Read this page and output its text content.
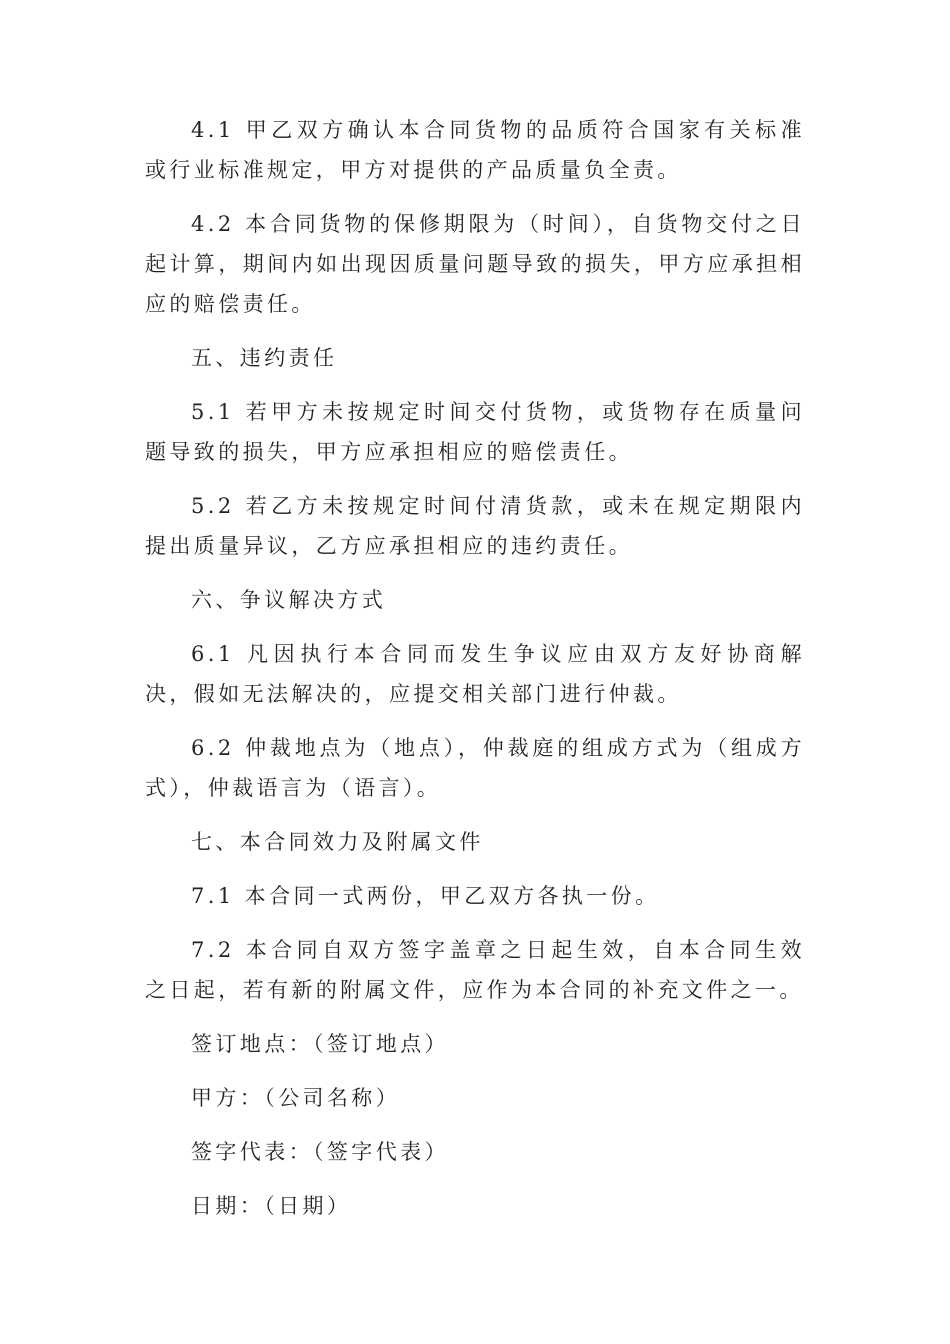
4.1 甲乙双方确认本合同货物的品质符合国家有关标准或行业标准规定，甲方对提供的产品质量负全责。

4.2 本合同货物的保修期限为（时间），自货物交付之日起计算，期间内如出现因质量问题导致的损失，甲方应承担相应的赔偿责任。

五、违约责任

5.1 若甲方未按规定时间交付货物，或货物存在质量问题导致的损失，甲方应承担相应的赔偿责任。

5.2 若乙方未按规定时间付清货款，或未在规定期限内提出质量异议，乙方应承担相应的违约责任。

六、争议解决方式

6.1 凡因执行本合同而发生争议应由双方友好协商解决，假如无法解决的，应提交相关部门进行仲裁。

6.2 仲裁地点为（地点），仲裁庭的组成方式为（组成方式），仲裁语言为（语言）。

七、本合同效力及附属文件

7.1 本合同一式两份，甲乙双方各执一份。

7.2 本合同自双方签字盖章之日起生效，自本合同生效之日起，若有新的附属文件，应作为本合同的补充文件之一。

签订地点：（签订地点）

甲方：（公司名称）

签字代表：（签字代表）

日期：（日期）
